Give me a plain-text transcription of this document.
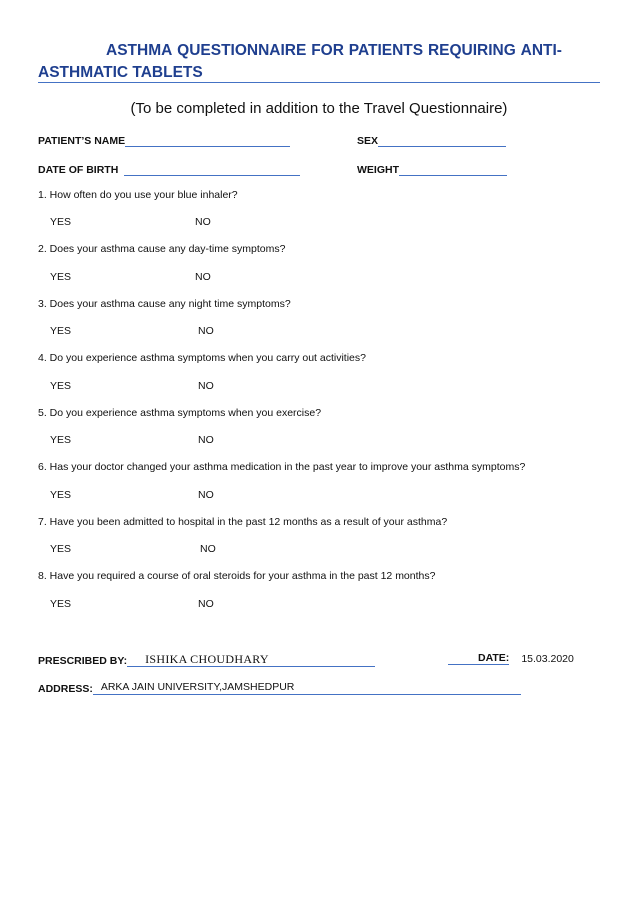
ASTHMA QUESTIONNAIRE FOR PATIENTS REQUIRING ANTI-
ASTHMATIC TABLETS
(To be completed in addition to the Travel Questionnaire)
PATIENT’S NAME	SEX
DATE OF BIRTH	WEIGHT
1. How often do you use your blue inhaler?
YES	NO
2. Does your asthma cause any day-time symptoms?
YES	NO
3. Does your asthma cause any night time symptoms?
YES	NO
4. Do you experience asthma symptoms when you carry out activities?
YES	NO
5. Do you experience asthma symptoms when you exercise?
YES	NO
6. Has your doctor changed your asthma medication in the past year to improve your asthma symptoms?
YES	NO
7. Have you been admitted to hospital in the past 12 months as a result of your asthma?
YES	NO
8. Have you required a course of oral steroids for your asthma in the past 12 months?
YES	NO
PRESCRIBED BY:	ISHIKA CHOUDHARY	DATE: 15.03.2020
ADDRESS: ARKA JAIN UNIVERSITY,JAMSHEDPUR
